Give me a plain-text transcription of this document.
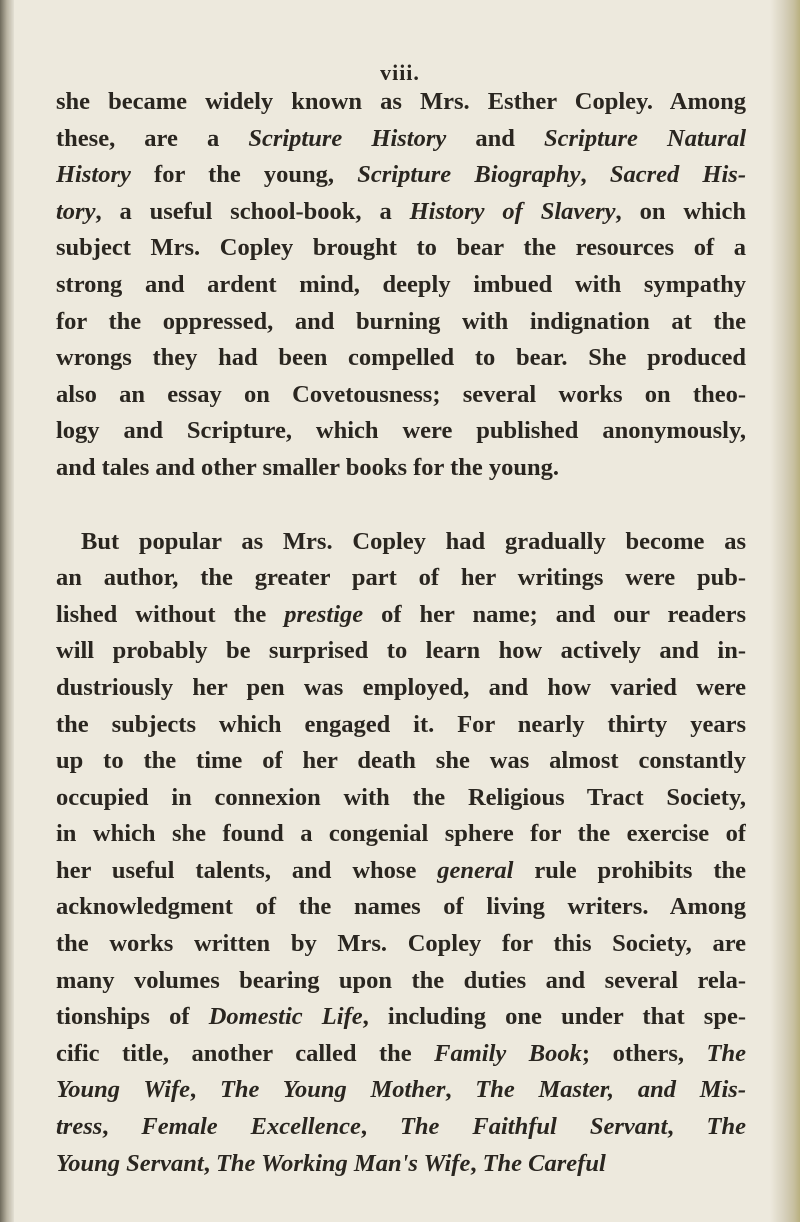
viii.
she became widely known as Mrs. Esther Copley. Among
these, are a Scripture History and Scripture Natural
History for the young, Scripture Biography, Sacred His-
tory, a useful school-book, a History of Slavery, on which
subject Mrs. Copley brought to bear the resources of a
strong and ardent mind, deeply imbued with sympathy
for the oppressed, and burning with indignation at the
wrongs they had been compelled to bear. She produced
also an essay on Covetousness; several works on theo-
logy and Scripture, which were published anonymously,
and tales and other smaller books for the young.
But popular as Mrs. Copley had gradually become as
an author, the greater part of her writings were pub-
lished without the prestige of her name; and our readers
will probably be surprised to learn how actively and in-
dustriously her pen was employed, and how varied were
the subjects which engaged it. For nearly thirty years
up to the time of her death she was almost constantly
occupied in connexion with the Religious Tract Society,
in which she found a congenial sphere for the exercise of
her useful talents, and whose general rule prohibits the
acknowledgment of the names of living writers. Among
the works written by Mrs. Copley for this Society, are
many volumes bearing upon the duties and several rela-
tionships of Domestic Life, including one under that spe-
cific title, another called the Family Book; others, The
Young Wife, The Young Mother, The Master, and Mis-
tress, Female Excellence, The Faithful Servant, The
Young Servant, The Working Man's Wife, The Careful
